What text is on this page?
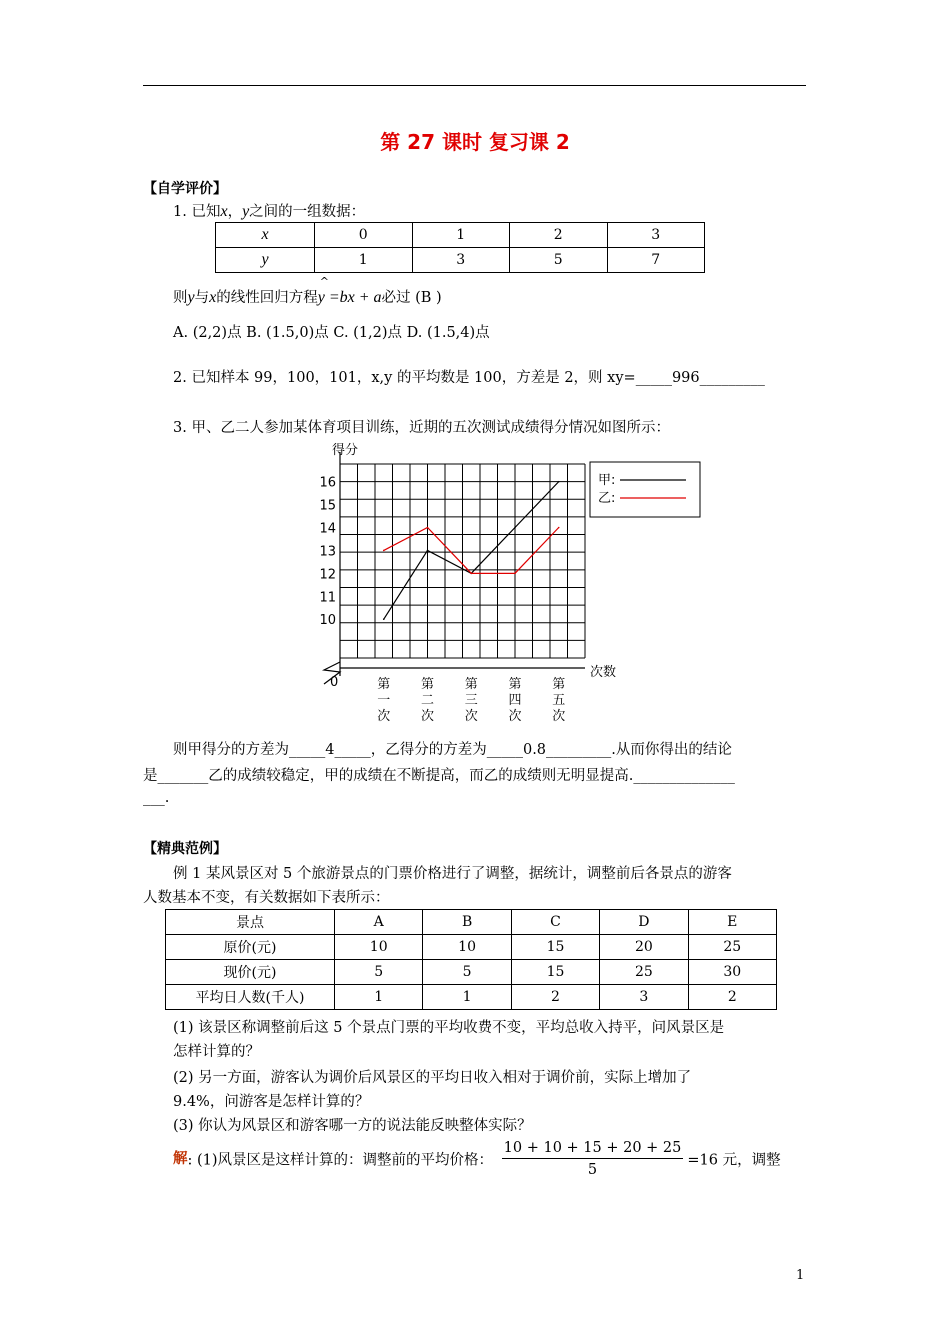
第 27 课时 复习课 2
【自学评价】
1. 已知x，y之间的一组数据：
x	0	1	2	3
y	1	3	5	7
则y与x的线性回归方程
^
y =bx + a必过 (B )
A. (2,2)点 B. (1.5,0)点 C. (1,2)点 D. (1.5,4)点
2. 已知样本 99，100，101，x,y 的平均数是 100，方差是 2，则 xy=_____996_________
3. 甲、乙二人参加某体育项目训练，近期的五次测试成绩得分情况如图所示：
10
11
12
13
14
15
16
第
一
次
第
二
次
第
三
次
第
四
次
第
五
次
得分
次数
0
甲:
乙:
则甲得分的方差为_____4_____，乙得分的方差为_____0.8_________.从而你得出的结论
是_______乙的成绩较稳定，甲的成绩在不断提高，而乙的成绩则无明显提高.______________
___.
【精典范例】
例 1 某风景区对 5 个旅游景点的门票价格进行了调整，据统计，调整前后各景点的游客
人数基本不变，有关数据如下表所示：
景点	A	B	C	D	E
原价(元)	10	10	15	20	25
现价(元)	5	5	15	25	30
平均日人数(千人)	1	1	2	3	2
(1) 该景区称调整前后这 5 个景点门票的平均收费不变，平均总收入持平，问风景区是
怎样计算的？
(2) 另一方面，游客认为调价后风景区的平均日收入相对于调价前，实际上增加了
9.4%，问游客是怎样计算的？
(3) 你认为风景区和游客哪一方的说法能反映整体实际？
解: (1)风景区是这样计算的：调整前的平均价格： $\frac{10 + 10 + 15 + 20 + 25}{5} =16$ 元，调整
1
